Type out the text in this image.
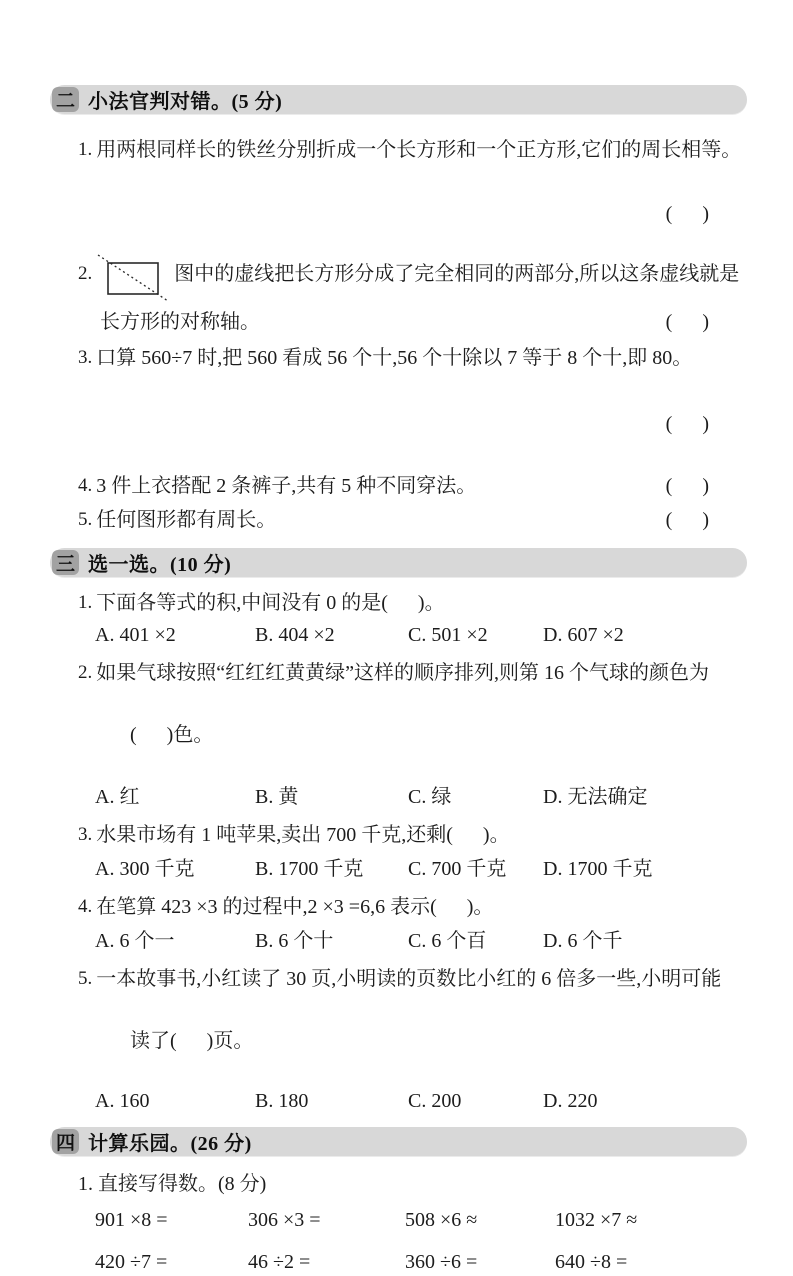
二 小法官判对错。(5 分)
1. 用两根同样长的铁丝分别折成一个长方形和一个正方形,它们的周长相等。

(      )

2.	图中的虚线把长方形分成了完全相同的两部分,所以这条虚线就是
长方形的对称轴。	(      )
3. 口算 560÷7 时,把 560 看成 56 个十,56 个十除以 7 等于 8 个十,即 80。

(      )

4. 3 件上衣搭配 2 条裤子,共有 5 种不同穿法。	(      )
5. 任何图形都有周长。	(      )
三 选一选。(10 分)
1. 下面各等式的积,中间没有 0 的是(      )。
A. 401 ×2	B. 404 ×2	C. 501 ×2	D. 607 ×2
2. 如果气球按照“红红红黄黄绿”这样的顺序排列,则第 16 个气球的颜色为

(      )色。

A. 红	B. 黄	C. 绿	D. 无法确定
3. 水果市场有 1 吨苹果,卖出 700 千克,还剩(      )。
A. 300 千克	B. 1700 千克	C. 700 千克	D. 1700 千克
4. 在笔算 423 ×3 的过程中,2 ×3 =6,6 表示(      )。
A. 6 个一	B. 6 个十	C. 6 个百	D. 6 个千
5. 一本故事书,小红读了 30 页,小明读的页数比小红的 6 倍多一些,小明可能

读了(      )页。

A. 160	B. 180	C. 200	D. 220
四 计算乐园。(26 分)
1. 直接写得数。(8 分)
901 ×8 =	306 ×3 =	508 ×6 ≈	1032 ×7 ≈
420 ÷7 =	46 ÷2 =	360 ÷6 =	640 ÷8 =
